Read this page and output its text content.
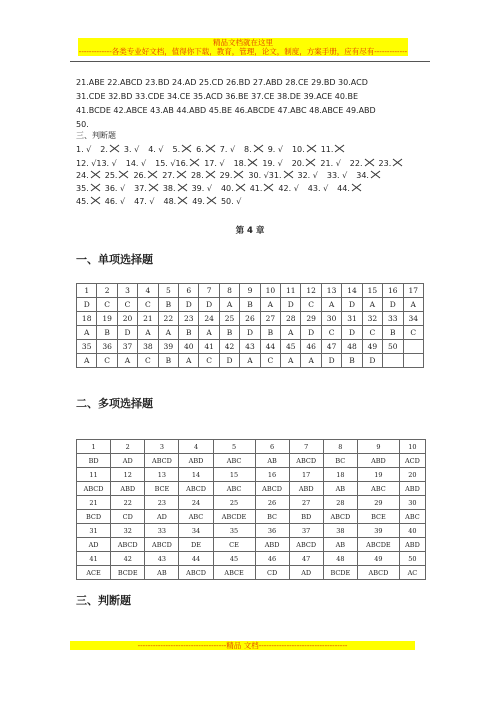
精品文档就在这里
-------------各类专业好文档，值得你下载，教育，管理，论文，制度，方案手册，应有尽有-------------
21.ABE 22.ABCD 23.BD 24.AD 25.CD 26.BD 27.ABD 28.CE 29.BD 30.ACD
31.CDE 32.BD 33.CDE 34.CE 35.ACD 36.BE 37.CE 38.DE 39.ACE 40.BE
41.BCDE 42.ABCE 43.AB 44.ABD 45.BE 46.ABCDE 47.ABC 48.ABCE 49.ABD
50.
三、判断题
1. √ 2. 3. √ 4. √ 5. 6. 7. √ 8. 9. √ 10. 11.
12. √13. √ 14. √ 15. √16. 17. √ 18. 19. √ 20. 21. √ 22. 23.
24. 25. 26. 27. 28. 29. 30. √31. 32. √ 33. √ 34.
35. 36. √ 37. 38. 39. √ 40. 41. 42. √ 43. √ 44.
45. 46. √ 47. √ 48. 49. 50. √
第 4 章
一、单项选择题
1	2	3	4	5	6	7	8	9	10	11	12	13	14	15	16	17
D	C	C	C	B	D	D	A	B	A	D	C	A	D	A	D	A
18	19	20	21	22	23	24	25	26	27	28	29	30	31	32	33	34
A	B	D	A	A	B	A	B	D	B	A	D	C	D	C	B	C
35	36	37	38	39	40	41	42	43	44	45	46	47	48	49	50	
A	C	A	C	B	A	C	D	A	C	A	A	D	B	D		
二、多项选择题
1	2	3	4	5	6	7	8	9	10
BD	AD	ABCD	ABD	ABC	AB	ABCD	BC	ABD	ACD
11	12	13	14	15	16	17	18	19	20
ABCD	ABD	BCE	ABCD	ABC	ABCD	ABD	AB	ABC	ABD
21	22	23	24	25	26	27	28	29	30
BCD	CD	AD	ABC	ABCDE	BC	BD	ABCD	BCE	ABC
31	32	33	34	35	36	37	38	39	40
AD	ABCD	ABCD	DE	CE	ABD	ABCD	AB	ABCDE	ABD
41	42	43	44	45	46	47	48	49	50
ACE	BCDE	AB	ABCD	ABCE	CD	AD	BCDE	ABCD	AC
三、判断题
-----------------------------------精品 文档-----------------------------------
